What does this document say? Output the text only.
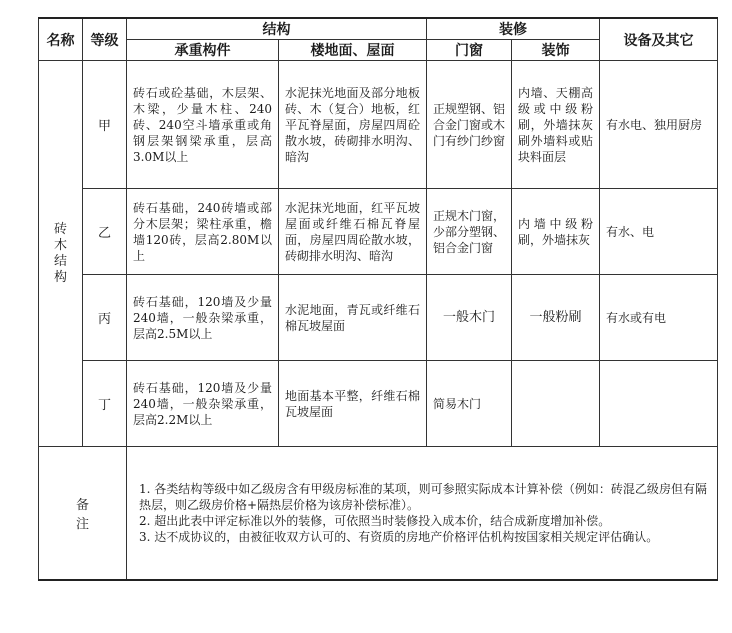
名称	等级	结构		装修		设备及其它
		承重构件	楼地面、屋面	门窗	装饰	

砖木结构	甲	砖石或砼基础，木层架、木梁，少量木柱、240砖、240空斗墙承重或角钢层架钢梁承重，层高3.0M以上	水泥抹光地面及部分地板砖、木（复合）地板，红平瓦脊屋面，房屋四周砼散水坡，砖砌排水明沟、暗沟	正规塑钢、铝合金门窗或木门有纱门纱窗	内墙、天棚高级或中级粉刷，外墙抹灰刷外墙料或贴块料面层	有水电、独用厨房
	乙	砖石基础，240砖墙或部分木层架；梁柱承重，檐墙120砖，层高2.80M以上	水泥抹光地面，红平瓦坡屋面或纤维石棉瓦脊屋面，房屋四周砼散水坡，砖砌排水明沟、暗沟	正规木门窗，少部分塑钢、铝合金门窗	内墙中级粉刷，外墙抹灰	有水、电
	丙	砖石基础，120墙及少量240墙，一般杂梁承重，层高2.5M以上	水泥地面，青瓦或纤维石棉瓦坡屋面	一般木门	一般粉刷	有水或有电
	丁	砖石基础，120墙及少量240墙，一般杂梁承重，层高2.2M以上	地面基本平整，纤维石棉瓦坡屋面	简易木门		
备注		1. 各类结构等级中如乙级房含有甲级房标准的某项，则可参照实际成本计算补偿（例如：砖混乙级房但有隔热层，则乙级房价格+隔热层价格为该房补偿标准）。
2. 超出此表中评定标准以外的装修，可依照当时装修投入成本价，结合成新度增加补偿。
3. 达不成协议的，由被征收双方认可的、有资质的房地产价格评估机构按国家相关规定评估确认。				
